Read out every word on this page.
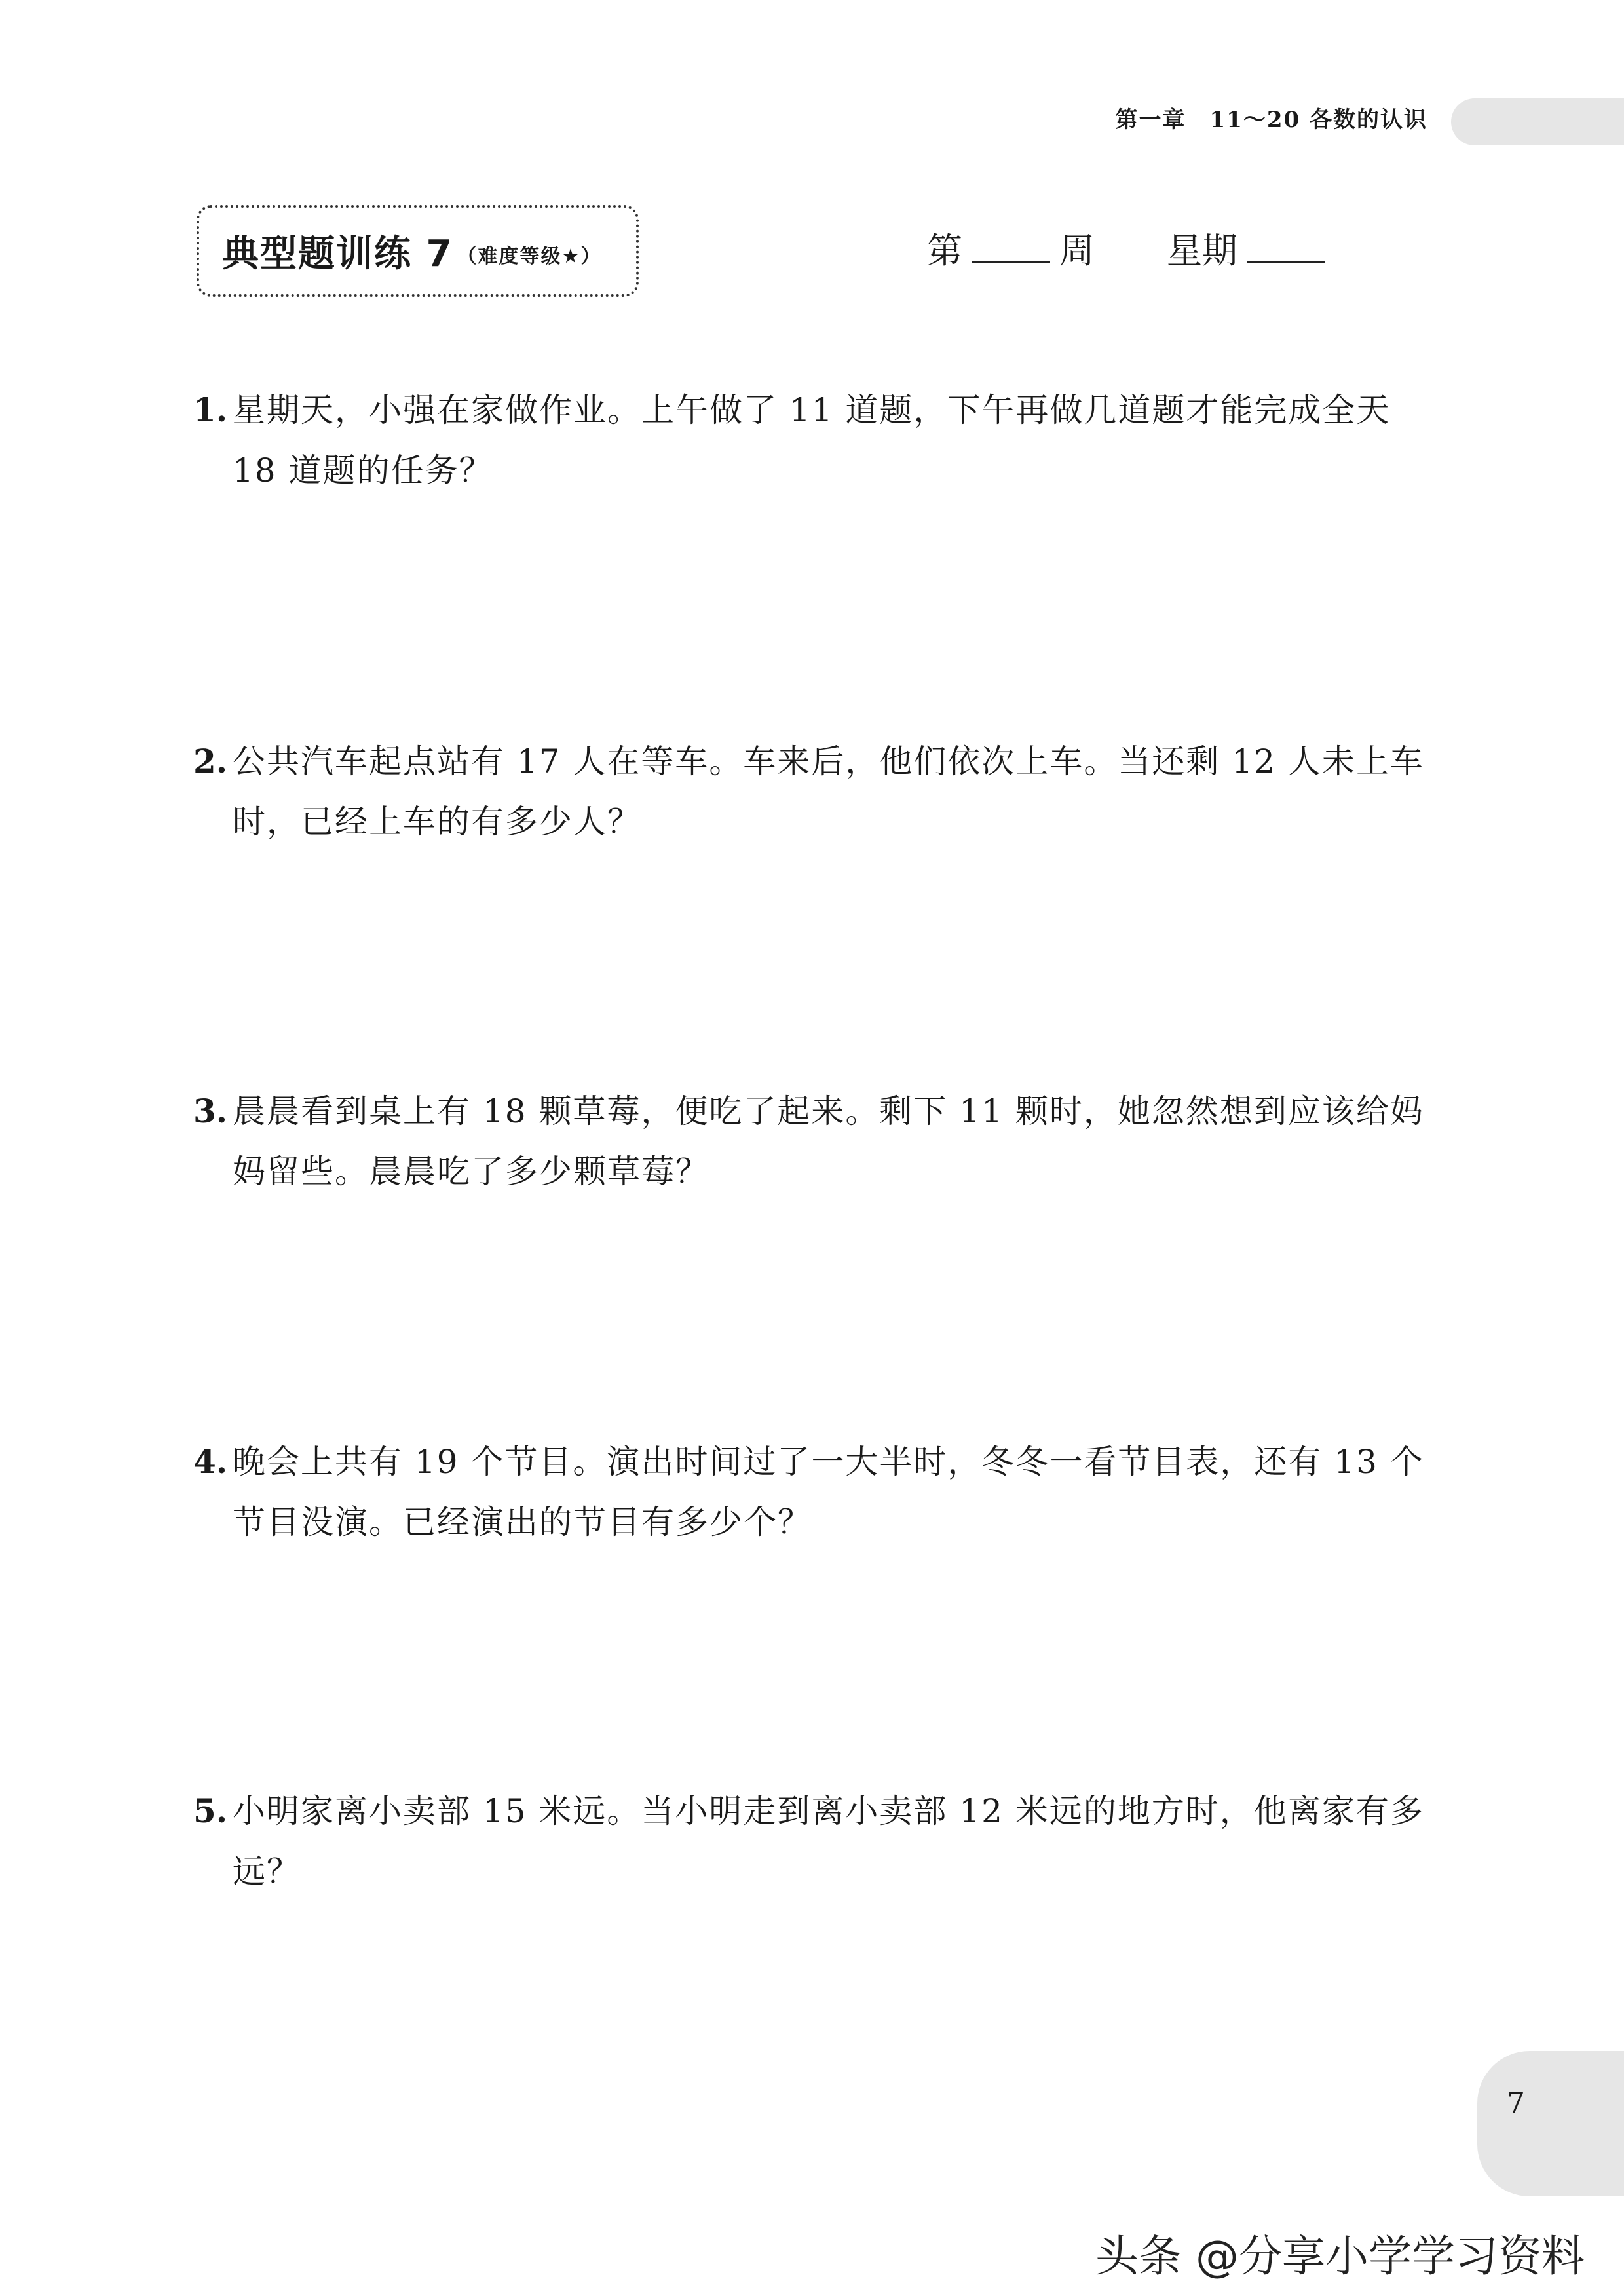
第一章　11～20 各数的认识
典型题训练 7 （难度等级★）	第	周 星期
1. 星期天，小强在家做作业。上午做了 11 道题，下午再做几道题才能完成全天 18 道题的任务？
2. 公共汽车起点站有 17 人在等车。车来后，他们依次上车。当还剩 12 人未上车时，已经上车的有多少人？
3. 晨晨看到桌上有 18 颗草莓，便吃了起来。剩下 11 颗时，她忽然想到应该给妈妈留些。晨晨吃了多少颗草莓？
4. 晚会上共有 19 个节目。演出时间过了一大半时，冬冬一看节目表，还有 13 个节目没演。已经演出的节目有多少个？
5. 小明家离小卖部 15 米远。当小明走到离小卖部 12 米远的地方时，他离家有多远？
7
头条 @分享小学学习资料
